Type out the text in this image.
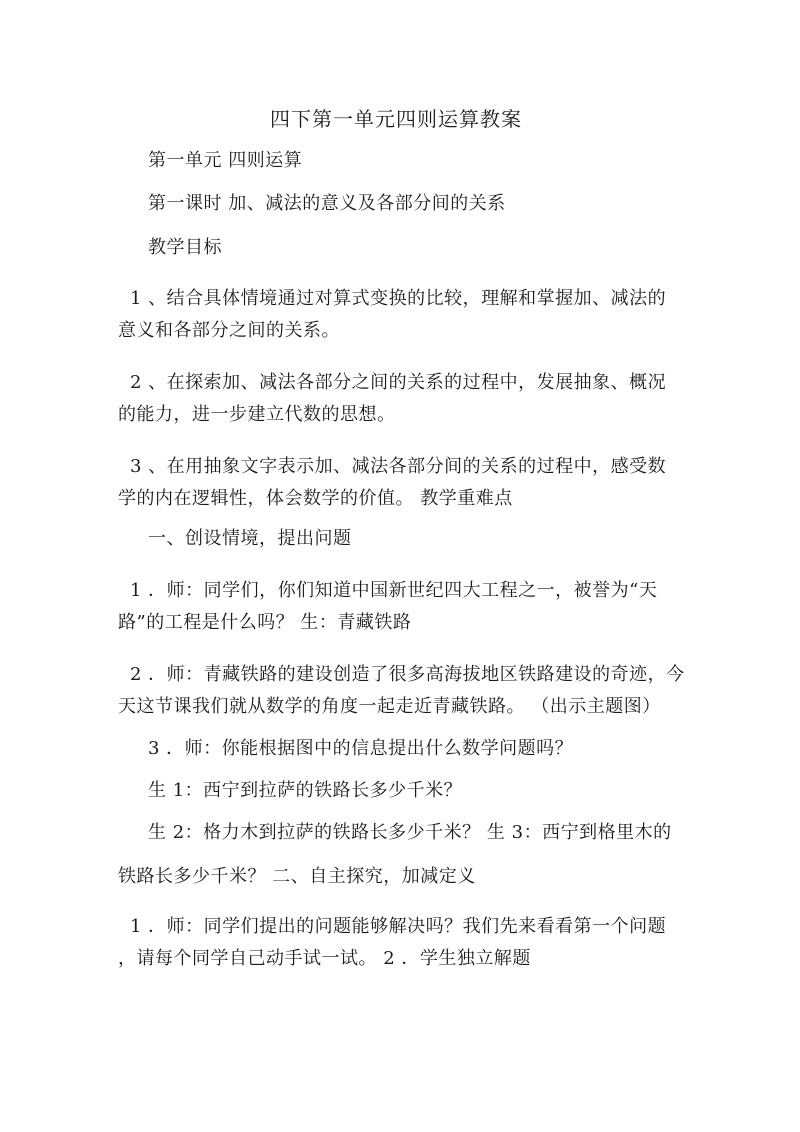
四下第一单元四则运算教案
第一单元 四则运算
第一课时 加、减法的意义及各部分间的关系
教学目标
1 、结合具体情境通过对算式变换的比较，理解和掌握加、减法的
意义和各部分之间的关系。
2 、在探索加、减法各部分之间的关系的过程中，发展抽象、概况
的能力，进一步建立代数的思想。
3 、在用抽象文字表示加、减法各部分间的关系的过程中，感受数
学的内在逻辑性，体会数学的价值。 教学重难点
一、创设情境，提出问题
1 ．师：同学们，你们知道中国新世纪四大工程之一，被誉为“天
路”的工程是什么吗？ 生：青藏铁路
2 ．师：青藏铁路的建设创造了很多高海拔地区铁路建设的奇迹，今
天这节课我们就从数学的角度一起走近青藏铁路。 （出示主题图）
3 ．师：你能根据图中的信息提出什么数学问题吗？
生 1：西宁到拉萨的铁路长多少千米？
生 2：格力木到拉萨的铁路长多少千米？ 生 3：西宁到格里木的
铁路长多少千米？ 二、自主探究，加减定义
1 ．师：同学们提出的问题能够解决吗？我们先来看看第一个问题
，请每个同学自己动手试一试。 2 ．学生独立解题
